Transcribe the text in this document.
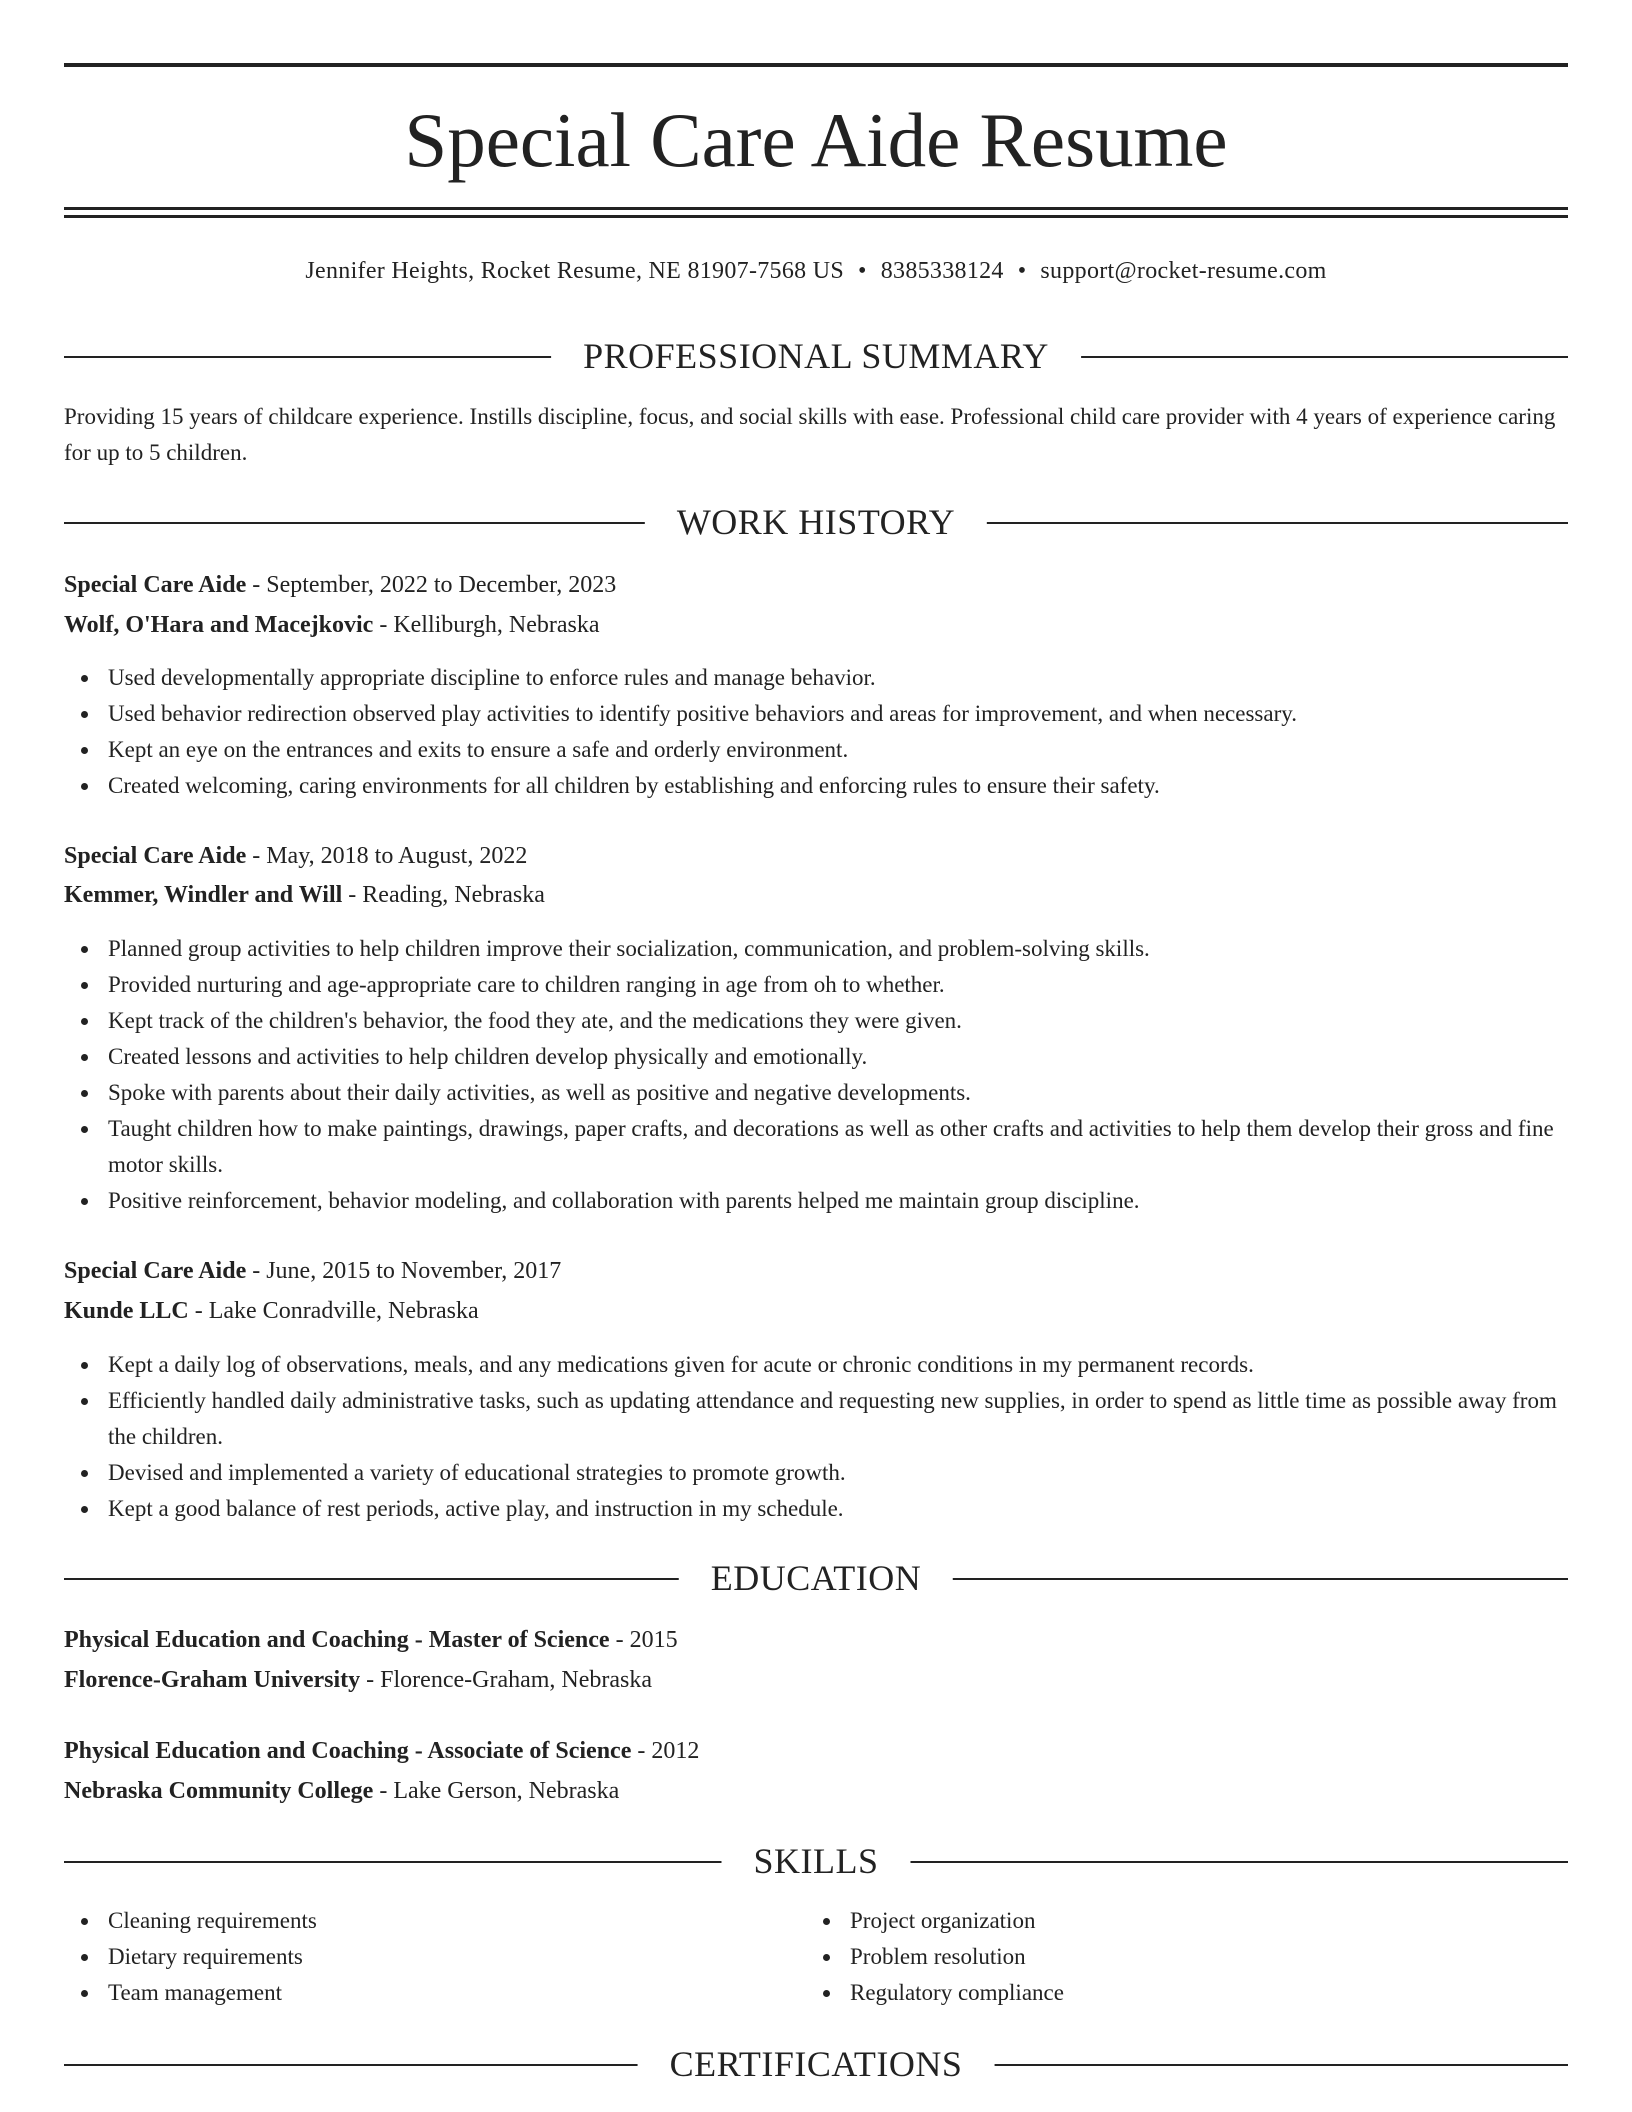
Special Care Aide Resume
Jennifer Heights, Rocket Resume, NE 81907-7568 US • 8385338124 • support@rocket-resume.com
PROFESSIONAL SUMMARY
Providing 15 years of childcare experience. Instills discipline, focus, and social skills with ease. Professional child care provider with 4 years of experience caring for up to 5 children.
WORK HISTORY
Special Care Aide - September, 2022 to December, 2023
Wolf, O'Hara and Macejkovic - Kelliburgh, Nebraska
Used developmentally appropriate discipline to enforce rules and manage behavior.
Used behavior redirection observed play activities to identify positive behaviors and areas for improvement, and when necessary.
Kept an eye on the entrances and exits to ensure a safe and orderly environment.
Created welcoming, caring environments for all children by establishing and enforcing rules to ensure their safety.
Special Care Aide - May, 2018 to August, 2022
Kemmer, Windler and Will - Reading, Nebraska
Planned group activities to help children improve their socialization, communication, and problem-solving skills.
Provided nurturing and age-appropriate care to children ranging in age from oh to whether.
Kept track of the children's behavior, the food they ate, and the medications they were given.
Created lessons and activities to help children develop physically and emotionally.
Spoke with parents about their daily activities, as well as positive and negative developments.
Taught children how to make paintings, drawings, paper crafts, and decorations as well as other crafts and activities to help them develop their gross and fine motor skills.
Positive reinforcement, behavior modeling, and collaboration with parents helped me maintain group discipline.
Special Care Aide - June, 2015 to November, 2017
Kunde LLC - Lake Conradville, Nebraska
Kept a daily log of observations, meals, and any medications given for acute or chronic conditions in my permanent records.
Efficiently handled daily administrative tasks, such as updating attendance and requesting new supplies, in order to spend as little time as possible away from the children.
Devised and implemented a variety of educational strategies to promote growth.
Kept a good balance of rest periods, active play, and instruction in my schedule.
EDUCATION
Physical Education and Coaching - Master of Science - 2015
Florence-Graham University - Florence-Graham, Nebraska
Physical Education and Coaching - Associate of Science - 2012
Nebraska Community College - Lake Gerson, Nebraska
SKILLS
Cleaning requirements
Dietary requirements
Team management
Project organization
Problem resolution
Regulatory compliance
CERTIFICATIONS
